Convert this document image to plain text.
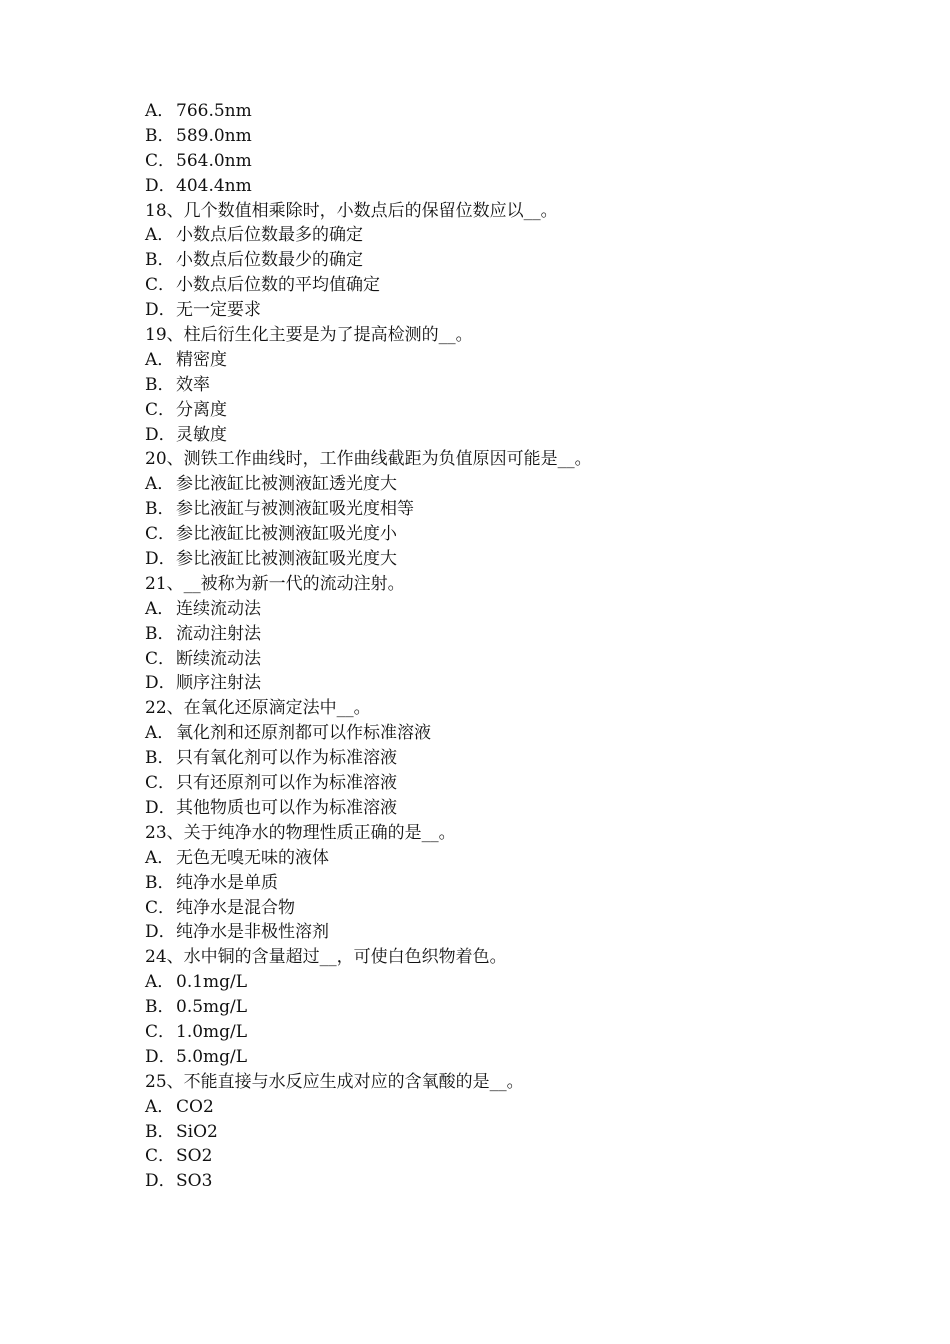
A． 766.5nm
B．589.0nm
C．564.0nm
D．404.4nm
18、几个数值相乘除时，小数点后的保留位数应以__。
A． 小数点后位数最多的确定
B．小数点后位数最少的确定
C．小数点后位数的平均值确定
D．无一定要求
19、柱后衍生化主要是为了提高检测的__。
A． 精密度
B．效率
C．分离度
D．灵敏度
20、测铁工作曲线时，工作曲线截距为负值原因可能是__。
A． 参比液缸比被测液缸透光度大
B．参比液缸与被测液缸吸光度相等
C．参比液缸比被测液缸吸光度小
D．参比液缸比被测液缸吸光度大
21、__被称为新一代的流动注射。
A． 连续流动法
B．流动注射法
C．断续流动法
D．顺序注射法
22、在氧化还原滴定法中__。
A． 氧化剂和还原剂都可以作标准溶液
B．只有氧化剂可以作为标准溶液
C．只有还原剂可以作为标准溶液
D．其他物质也可以作为标准溶液
23、关于纯净水的物理性质正确的是__。
A． 无色无嗅无味的液体
B．纯净水是单质
C．纯净水是混合物
D．纯净水是非极性溶剂
24、水中铜的含量超过__，可使白色织物着色。
A． 0.1mg/L
B．0.5mg/L
C．1.0mg/L
D．5.0mg/L
25、不能直接与水反应生成对应的含氧酸的是__。
A． CO2
B．SiO2
C．SO2
D．SO3
